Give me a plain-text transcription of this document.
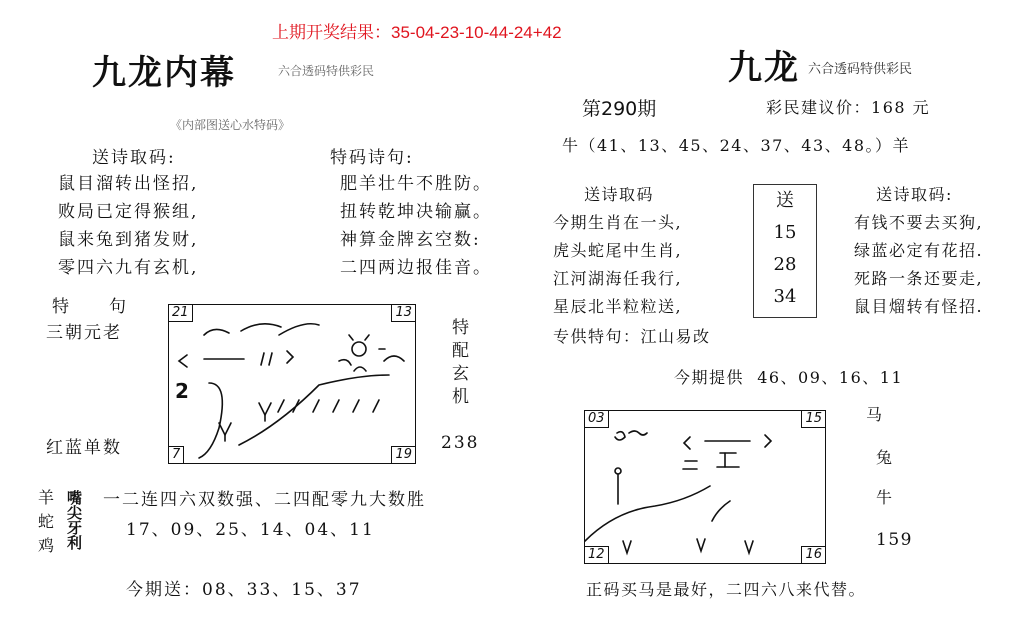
上期开奖结果：35-04-23-10-44-24+42
九龙内幕	六合透码特供彩民
《内部图送心水特码》
送诗取码:
鼠目溜转出怪招,
败局已定得猴组,
鼠来兔到猪发财,
零四六九有玄机,
特码诗句:
肥羊壮牛不胜防。
扭转乾坤决输赢。
神算金牌玄空数:
二四两边报佳音。
特　　句
三朝元老
红蓝单数
21	13
7	19
2	特配玄机
238
羊
蛇
鸡 嘴尖牙利 一二连四六双数强、二四配零九大数胜
17、09、25、14、04、11
今期送：08、33、15、37
九龙 六合透码特供彩民
第290期	彩民建议价：168 元
牛（41、13、45、24、37、43、48。）羊
送诗取码
今期生肖在一头,
虎头蛇尾中生肖,
江河湖海任我行,
星辰北半粒粒送,
专供特句：江山易改
送
15
28
34
送诗取码:
有钱不要去买狗,
绿蓝必定有花招.
死路一条还要走,
鼠目熘转有怪招.
今期提供 46、09、16、11
03	15
12	16
马
兔
牛
159
正码买马是最好，二四六八来代替。
